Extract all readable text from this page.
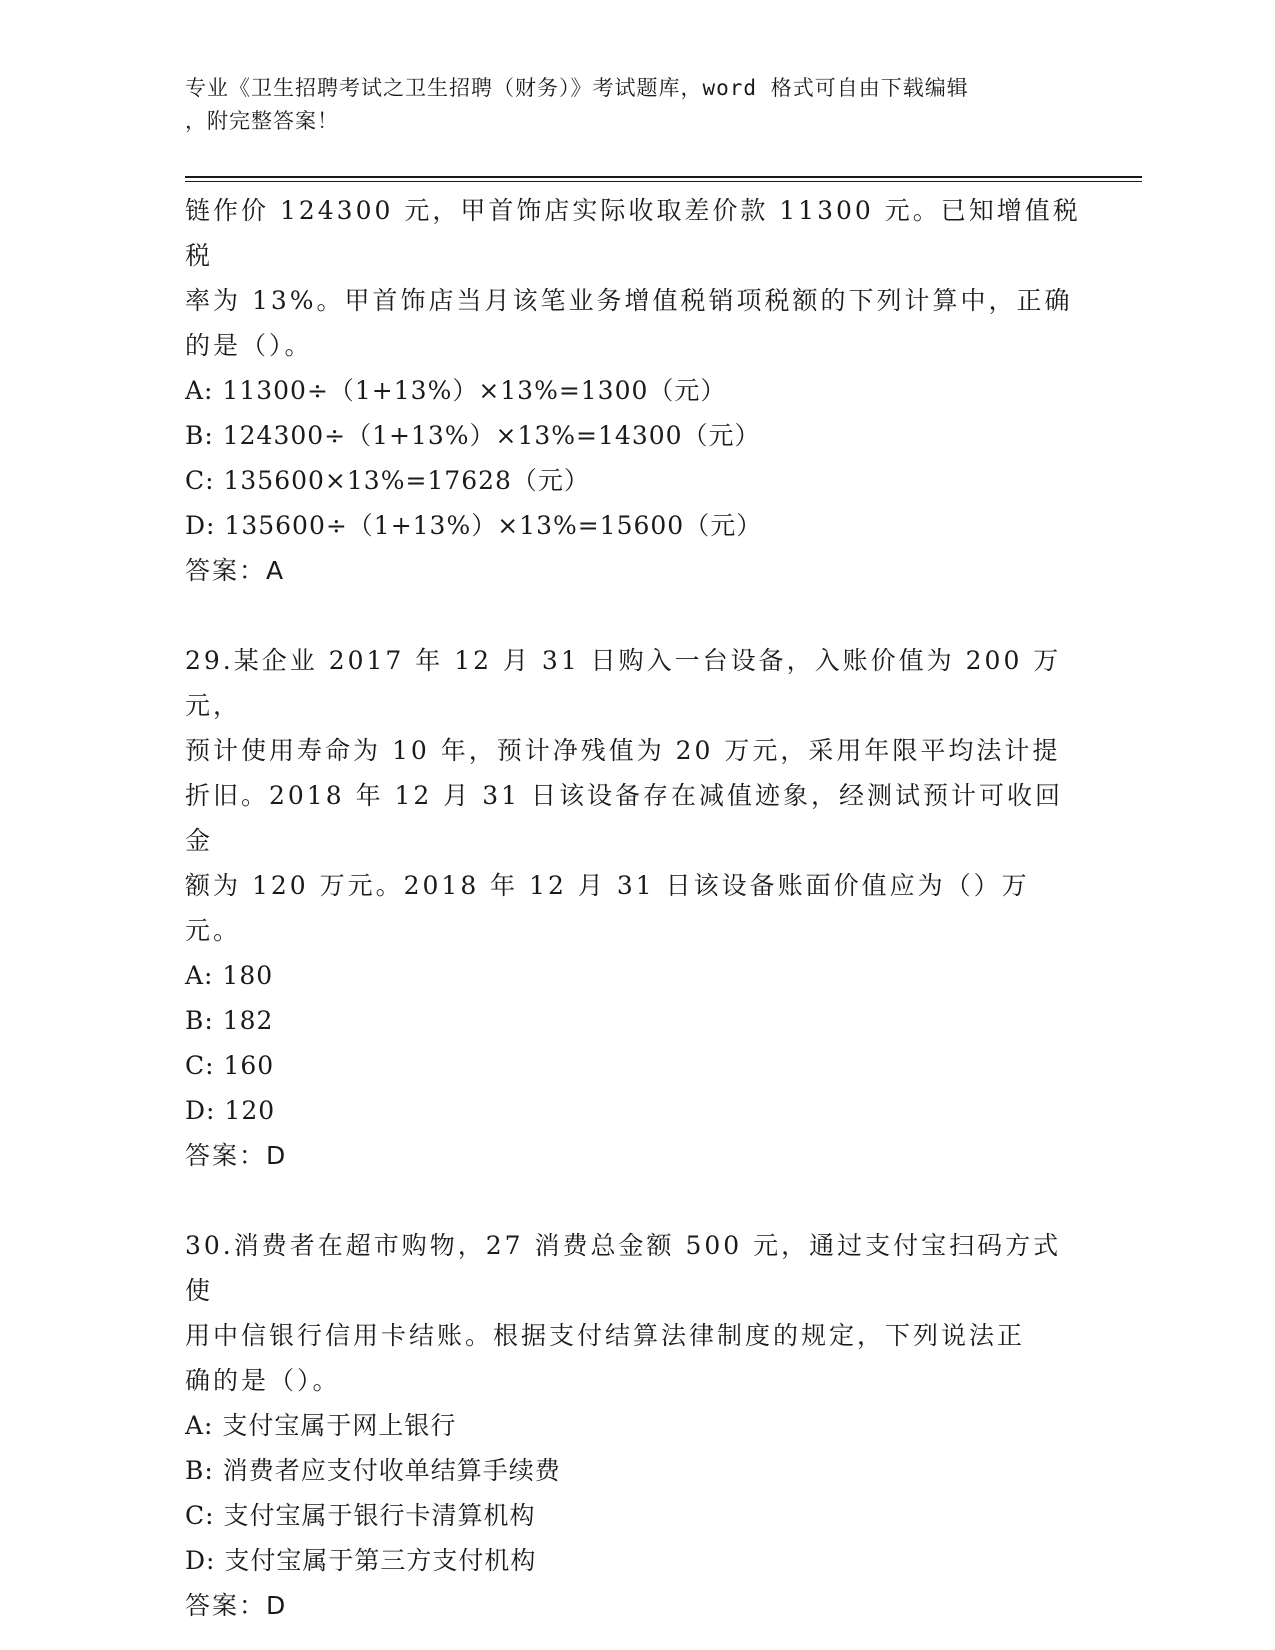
专业《卫生招聘考试之卫生招聘（财务）》考试题库，word 格式可自由下载编辑
，附完整答案！

链作价 124300 元，甲首饰店实际收取差价款 11300 元。已知增值税税

率为 13%。甲首饰店当月该笔业务增值税销项税额的下列计算中，正确

的是（）。

A: 11300÷（1+13%）×13%=1300（元）

B: 124300÷（1+13%）×13%=14300（元）

C: 135600×13%=17628（元）

D: 135600÷（1+13%）×13%=15600（元）

答案：A

29.某企业 2017 年 12 月 31 日购入一台设备，入账价值为 200 万元，

预计使用寿命为 10 年，预计净残值为 20 万元，采用年限平均法计提

折旧。2018 年 12 月 31 日该设备存在减值迹象，经测试预计可收回金

额为 120 万元。2018 年 12 月 31 日该设备账面价值应为（）万元。

A: 180

B: 182

C: 160

D: 120

答案：D

30.消费者在超市购物，27 消费总金额 500 元，通过支付宝扫码方式使

用中信银行信用卡结账。根据支付结算法律制度的规定，下列说法正

确的是（）。

A: 支付宝属于网上银行

B: 消费者应支付收单结算手续费

C: 支付宝属于银行卡清算机构

D: 支付宝属于第三方支付机构

答案：D
